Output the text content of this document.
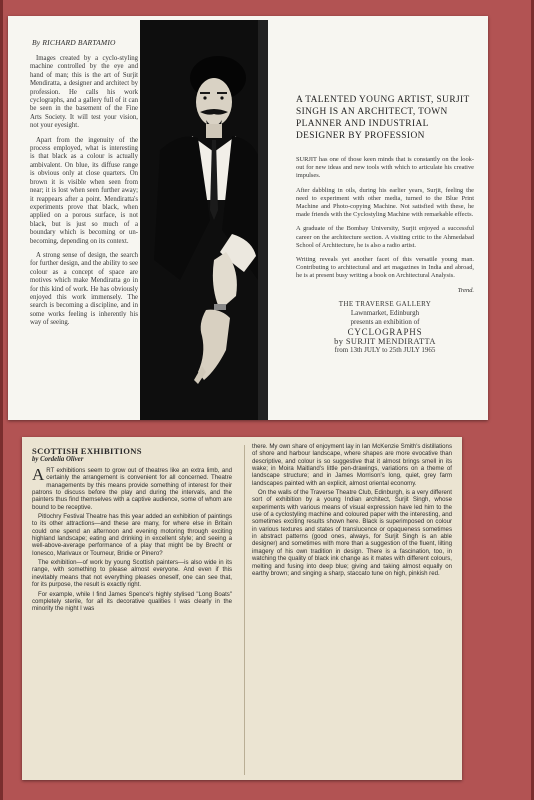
By RICHARD BARTAMIO

Images created by a cyclo-styling machine controlled by the eye and hand of man; this is the art of Surjit Mendiratta, a designer and architect by profession. He calls his work cyclographs, and a gallery full of it can be seen in the basement of the Fine Arts Society. It will test your vision, not your eyesight.

Apart from the ingenuity of the process employed, what is interesting is that black as a colour is actually ambivalent. On blue, its diffuse range is obvious only at close quarters. On brown it is visible when seen from near; it is lost when seen further away; it reappears after a point. Mendiratta's experiments prove that black, when applied on a porous surface, is not black, but is just so much of a boundary which is becoming or un-becoming, depending on its context.

A strong sense of design, the search for further design, and the ability to see colour as a concept of space are motives which make Mendiratta go in for this kind of work. He has obviously enjoyed this work immensely. The search is becoming a discipline, and in some works feeling is inherently his way of seeing.

A TALENTED YOUNG ARTIST, SURJIT SINGH IS AN ARCHITECT, TOWN PLANNER AND INDUSTRIAL DESIGNER BY PROFESSION

SURJIT has one of those keen minds that is constantly on the look-out for new ideas and new tools with which to articulate his creative impulses.

After dabbling in oils, during his earlier years, Surjit, feeling the need to experiment with other media, turned to the Blue Print Machine and Photo-copying Machine. Not satisfied with these, he made friends with the Cyclostyling Machine with remarkable effects.

A graduate of the Bombay University, Surjit enjoyed a successful career on the architecture section. A visiting critic to the Ahmedabad School of Architecture, he is also a radio artist.

Writing reveals yet another facet of this versatile young man. Contributing to architectural and art magazines in India and abroad, he is at present busy writing a book on Architectural Analysis.

Trend.
THE TRAVERSE GALLERY
Lawnmarket, Edinburgh
presents an exhibition of
CYCLOGRAPHS
by SURJIT MENDIRATTA
from 13th JULY to 25th JULY 1965
SCOTTISH EXHIBITIONS
by Cordelia Oliver

ART exhibitions seem to grow out of theatres like an extra limb, and certainly the arrangement is convenient for all concerned. Theatre managements by this means provide something of interest for their patrons to discuss before the play and during the intervals, and the painters thus find themselves with a captive audience, some of whom are bound to be receptive.

Pitlochry Festival Theatre has this year added an exhibition of paintings to its other attractions—and these are many, for where else in Britain could one spend an afternoon and evening motoring through exciting highland landscape; eating and drinking in excellent style; and seeing a well-above-average performance of a play that might be by Brecht or Ionesco, Marivaux or Tourneur, Bridie or Pinero?

The exhibition—of work by young Scottish painters—is also wide in its range, with something to please almost everyone. And even if this inevitably means that not everything pleases oneself, one can see that, for its purpose, the result is exactly right.

For example, while I find James Spence's highly stylised "Long Boats" completely sterile, for all its decorative qualities I was clearly in the minority the night I was

there. My own share of enjoyment lay in Ian McKenzie Smith's distillations of shore and harbour landscape, where shapes are more evocative than descriptive, and colour is so suggestive that it almost brings smell in its wake; in Moira Maitland's little pen-drawings, variations on a theme of landscape structure; and in James Morrison's long, quiet, grey farm landscapes painted with an explicit, almost oriental economy.

On the walls of the Traverse Theatre Club, Edinburgh, is a very different sort of exhibition by a young Indian architect, Surjit Singh, whose experiments with various means of visual expression have led him to the use of a cyclostyling machine and coloured paper with the interesting, and sometimes exciting results shown here. Black is superimposed on colour in various textures and states of translucence or opaqueness sometimes in abstract patterns (good ones, always, for Surjit Singh is an able designer) and sometimes with more than a suggestion of the fluent, lilting imagery of his own tradition in design. There is a fascination, too, in watching the quality of black ink change as it mates with different colours, melting and fusing into deep blue; giving and taking almost equally on earthy brown; and singing a sharp, staccato tune on high, pinkish red.
